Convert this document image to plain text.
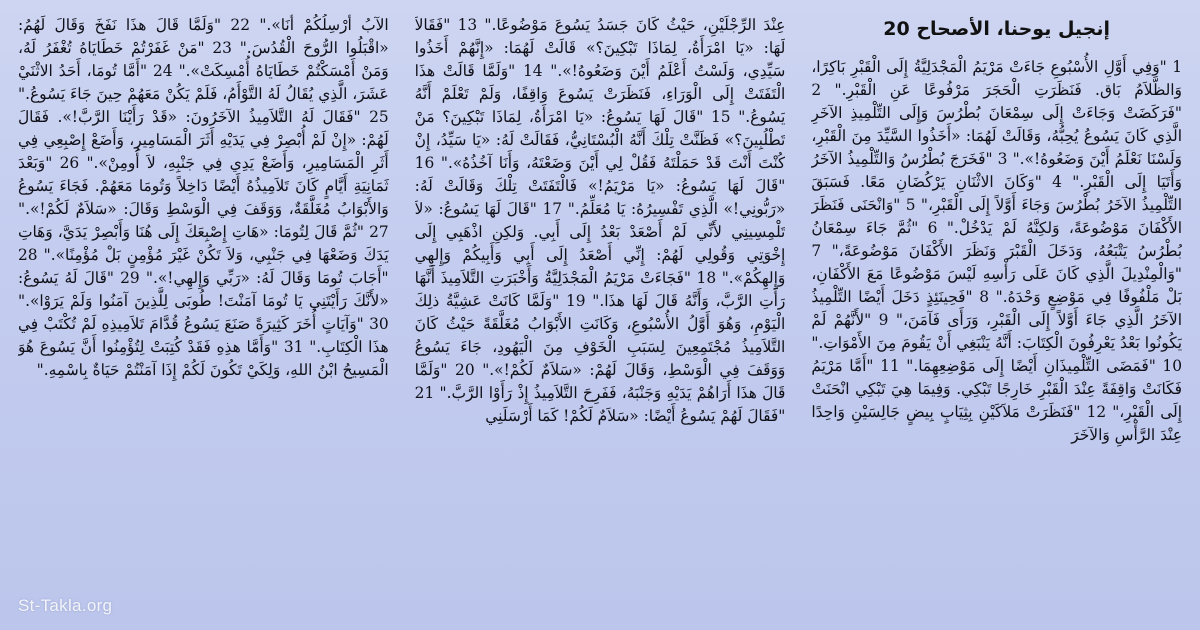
إنجيل يوحنا، الأصحاح 20
1 "وَفِي أَوَّلِ الأُسْبُوعِ جَاءَتْ مَرْيَمُ الْمَجْدَلِيَّةُ إِلَى الْقَبْرِ بَاكِرًا، وَالظَّلاَمُ بَاق. فَنَظَرَتِ الْحَجَرَ مَرْفُوعًا عَنِ الْقَبْرِ." 2 "فَرَكَضَتْ وَجَاءَتْ إِلَى سِمْعَانَ بُطْرُسَ وَإِلَى التِّلْمِيذِ الآخَرِ الَّذِي كَانَ يَسُوعُ يُحِبُّهُ، وَقَالَتْ لَهُمَا: «أَخَذُوا السَّيِّدَ مِنَ الْقَبْرِ، وَلَسْنَا نَعْلَمُ أَيْنَ وَضَعُوهُ!»." 3 "فَخَرَجَ بُطْرُسُ وَالتِّلْمِيذُ الآخَرُ وَأَتَيَا إِلَى الْقَبْرِ." 4 "وَكَانَ الاثْنَانِ يَرْكُضَانِ مَعًا. فَسَبَقَ التِّلْمِيذُ الآخَرُ بُطْرُسَ وَجَاءَ أَوَّلاً إِلَى الْقَبْرِ،" 5 "وَانْحَنَى فَنَظَرَ الأَكْفَانَ مَوْضُوعَةً، وَلكِنَّهُ لَمْ يَدْخُلْ." 6 "ثُمَّ جَاءَ سِمْعَانُ بُطْرُسُ يَتْبَعُهُ، وَدَخَلَ الْقَبْرَ وَنَظَرَ الأَكْفَانَ مَوْضُوعَةً،" 7 "وَالْمِنْدِيلَ الَّذِي كَانَ عَلَى رَأْسِهِ لَيْسَ مَوْضُوعًا مَعَ الأَكْفَانِ، بَلْ مَلْفُوفًا فِي مَوْضِعٍ وَحْدَهُ." 8 "فَحِينَئِذٍ دَخَلَ أَيْضًا التِّلْمِيذُ الآخَرُ الَّذِي جَاءَ أَوَّلاً إِلَى الْقَبْرِ، وَرَأَى فَآمَنَ،" 9 "لأَنَّهُمْ لَمْ يَكُونُوا بَعْدُ يَعْرِفُونَ الْكِتَابَ: أَنَّهُ يَنْبَغِي أَنْ يَقُومَ مِنَ الأَمْوَاتِ." 10 "فَمَضَى التِّلْمِيذَانِ أَيْضًا إِلَى مَوْضِعِهِمَا." 11 "أَمَّا مَرْيَمُ فَكَانَتْ وَاقِفَةً عِنْدَ الْقَبْرِ خَارِجًا تَبْكِي. وَفِيمَا هِيَ تَبْكِي انْحَنَتْ إِلَى الْقَبْرِ،" 12 "فَنَظَرَتْ مَلاَكَيْنِ بِثِيَابٍ بِيضٍ جَالِسَيْنِ وَاحِدًا عِنْدَ الرَّأْسِ وَالآخَرَ
عِنْدَ الرِّجْلَيْنِ، حَيْثُ كَانَ جَسَدُ يَسُوعَ مَوْضُوعًا." 13 "فَقَالاَ لَهَا: «يَا امْرَأَةُ، لِمَاذَا تَبْكِينَ؟» قَالَتْ لَهُمَا: «إِنَّهُمْ أَخَذُوا سَيِّدِي، وَلَسْتُ أَعْلَمُ أَيْنَ وَضَعُوهُ!»." 14 "وَلَمَّا قَالَتْ هذَا الْتَفَتَتْ إِلَى الْوَرَاءِ، فَنَظَرَتْ يَسُوعَ وَاقِفًا، وَلَمْ تَعْلَمْ أَنَّهُ يَسُوعُ." 15 "قَالَ لَهَا يَسُوعُ: «يَا امْرَأَةُ، لِمَاذَا تَبْكِينَ؟ مَنْ تَطْلُبِينَ؟» فَظَنَّتْ تِلْكَ أَنَّهُ الْبُسْتَانِيُّ، فَقَالَتْ لَهُ: «يَا سَيِّدُ، إِنْ كُنْتَ أَنْتَ قَدْ حَمَلْتَهُ فَقُلْ لِي أَيْنَ وَضَعْتَهُ، وَأَنَا آخُذُهُ»." 16 "قَالَ لَهَا يَسُوعُ: «يَا مَرْيَمُ!» فَالْتَفَتَتْ تِلْكَ وَقَالَتْ لَهُ: «رَبُّونِي!» الَّذِي تَفْسِيرُهُ: يَا مُعَلِّمُ." 17 "قَالَ لَهَا يَسُوعُ: «لاَ تَلْمِسِينِي لأَنِّي لَمْ أَصْعَدْ بَعْدُ إِلَى أَبِي. وَلكِنِ اذْهَبِي إِلَى إِخْوَتِي وَقُولِي لَهُمْ: إِنِّي أَصْعَدُ إِلَى أَبِي وَأَبِيكُمْ وَإِلهِي وَإِلهِكُمْ»." 18 "فَجَاءَتْ مَرْيَمُ الْمَجْدَلِيَّةُ وَأَخْبَرَتِ التَّلاَمِيذَ أَنَّهَا رَأَتِ الرَّبَّ، وَأَنَّهُ قَالَ لَهَا هذَا." 19 "وَلَمَّا كَانَتْ عَشِيَّةُ ذلِكَ الْيَوْمِ، وَهُوَ أَوَّلُ الأُسْبُوعِ، وَكَانَتِ الأَبْوَابُ مُغَلَّقَةً حَيْثُ كَانَ التَّلاَمِيذُ مُجْتَمِعِينَ لِسَبَبِ الْخَوْفِ مِنَ الْيَهُودِ، جَاءَ يَسُوعُ وَوَقَفَ فِي الْوَسْطِ، وَقَالَ لَهُمْ: «سَلاَمٌ لَكُمْ!»." 20 "وَلَمَّا قَالَ هذَا أَرَاهُمْ يَدَيْهِ وَجَنْبَهُ، فَفَرِحَ التَّلاَمِيذُ إِذْ رَأَوْا الرَّبَّ." 21 "فَقَالَ لَهُمْ يَسُوعُ أَيْضًا: «سَلاَمٌ لَكُمْ! كَمَا أَرْسَلَنِي
الآبُ أُرْسِلُكُمْ أَنَا»." 22 "وَلَمَّا قَالَ هذَا نَفَخَ وَقَالَ لَهُمُ: «اقْبَلُوا الرُّوحَ الْقُدُسَ." 23 "مَنْ غَفَرْتُمْ خَطَايَاهُ تُغْفَرُ لَهُ، وَمَنْ أَمْسَكْتُمْ خَطَايَاهُ أُمْسِكَتْ»." 24 "أَمَّا تُومَا، أَحَدُ الاثْنَيْ عَشَرَ، الَّذِي يُقَالُ لَهُ التَّوْأَمُ، فَلَمْ يَكُنْ مَعَهُمْ حِينَ جَاءَ يَسُوعُ." 25 "فَقَالَ لَهُ التَّلاَمِيذُ الآخَرُونَ: «قَدْ رَأَيْنَا الرَّبَّ!». فَقَالَ لَهُمْ: «إِنْ لَمْ أُبْصِرْ فِي يَدَيْهِ أَثَرَ الْمَسَامِيرِ، وَأَضَعْ إِصْبِعِي فِي أَثَرِ الْمَسَامِيرِ، وَأَضَعْ يَدِي فِي جَنْبِهِ، لاَ أُومِنْ»." 26 "وَبَعْدَ ثَمَانِيَةِ أَيَّامٍ كَانَ تَلاَمِيذُهُ أَيْضًا دَاخِلاً وَتُومَا مَعَهُمْ. فَجَاءَ يَسُوعُ وَالأَبْوَابُ مُغَلَّقَةٌ، وَوَقَفَ فِي الْوَسْطِ وَقَالَ: «سَلاَمٌ لَكُمْ!»." 27 "ثُمَّ قَالَ لِتُومَا: «هَاتِ إِصْبِعَكَ إِلَى هُنَا وَأَبْصِرْ يَدَيَّ، وَهَاتِ يَدَكَ وَضَعْهَا فِي جَنْبِي، وَلاَ تَكُنْ غَيْرَ مُؤْمِنٍ بَلْ مُؤْمِنًا»." 28 "أَجَابَ تُومَا وَقَالَ لَهُ: «رَبِّي وَإِلهِي!»." 29 "قَالَ لَهُ يَسُوعُ: «لأَنَّكَ رَأَيْتَنِي يَا تُومَا آمَنْتَ! طُوبَى لِلَّذِينَ آمَنُوا وَلَمْ يَرَوْا»." 30 "وَآيَاتٍ أُخَرَ كَثِيرَةً صَنَعَ يَسُوعُ قُدَّامَ تَلاَمِيذِهِ لَمْ تُكْتَبْ فِي هذَا الْكِتَابِ." 31 "وَأَمَّا هذِهِ فَقَدْ كُتِبَتْ لِتُؤْمِنُوا أَنَّ يَسُوعَ هُوَ الْمَسِيحُ ابْنُ اللهِ، وَلِكَيْ تَكُونَ لَكُمْ إِذَا آمَنْتُمْ حَيَاةٌ بِاسْمِهِ."
St-Takla.org
